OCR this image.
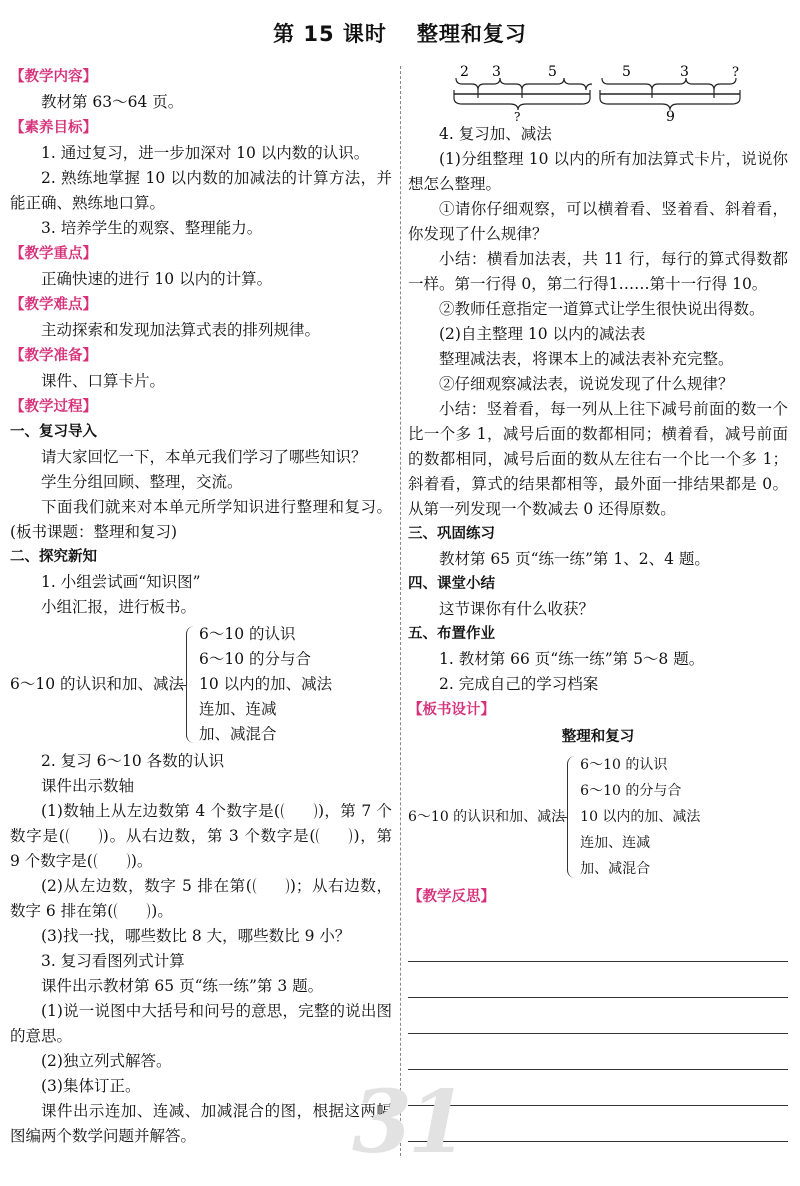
第 15 课时 整理和复习

【教学内容】

教材第 63～64 页。

【素养目标】

1. 通过复习，进一步加深对 10 以内数的认识。

2. 熟练地掌握 10 以内数的加减法的计算方法，并能正确、熟练地口算。

3. 培养学生的观察、整理能力。

【教学重点】

正确快速的进行 10 以内的计算。

【教学难点】

主动探索和发现加法算式表的排列规律。

【教学准备】

课件、口算卡片。

【教学过程】

一、复习导入

请大家回忆一下，本单元我们学习了哪些知识？

学生分组回顾、整理，交流。

下面我们就来对本单元所学知识进行整理和复习。(板书课题：整理和复习)

二、探究新知

1. 小组尝试画“知识图”

小组汇报，进行板书。

6～10 的认识和加、减法
6～10 的认识
6～10 的分与合
10 以内的加、减法
连加、连减
加、减混合

2. 复习 6～10 各数的认识

课件出示数轴

(1)数轴上从左边数第 4 个数字是( )，第 7 个数字是( )。从右边数，第 3 个数字是( )，第 9 个数字是( )。

(2)从左边数，数字 5 排在第( )；从右边数，数字 6 排在第( )。

(3)找一找，哪些数比 8 大，哪些数比 9 小？

3. 复习看图列式计算

课件出示教材第 65 页“练一练”第 3 题。

(1)说一说图中大括号和问号的意思，完整的说出图的意思。

(2)独立列式解答。

(3)集体订正。

课件出示连加、连减、加减混合的图，根据这两幅图编两个数学问题并解答。

2 3	5
?
5	3	?
9

4. 复习加、减法

(1)分组整理 10 以内的所有加法算式卡片，说说你想怎么整理。

①请你仔细观察，可以横着看、竖着看、斜着看，你发现了什么规律？

小结：横看加法表，共 11 行，每行的算式得数都一样。第一行得 0，第二行得1……第十一行得 10。

②教师任意指定一道算式让学生很快说出得数。

(2)自主整理 10 以内的减法表

整理减法表，将课本上的减法表补充完整。

②仔细观察减法表，说说发现了什么规律？

小结：竖着看，每一列从上往下减号前面的数一个比一个多 1，减号后面的数都相同；横着看，减号前面的数都相同，减号后面的数从左往右一个比一个多 1；斜着看，算式的结果都相等，最外面一排结果都是 0。从第一列发现一个数减去 0 还得原数。

三、巩固练习

教材第 65 页“练一练”第 1、2、4 题。

四、课堂小结

这节课你有什么收获？

五、布置作业

1. 教材第 66 页“练一练”第 5～8 题。

2. 完成自己的学习档案

【板书设计】

整理和复习

6～10 的认识和加、减法
6～10 的认识
6～10 的分与合
10 以内的加、减法
连加、连减
加、减混合

【教学反思】

31
